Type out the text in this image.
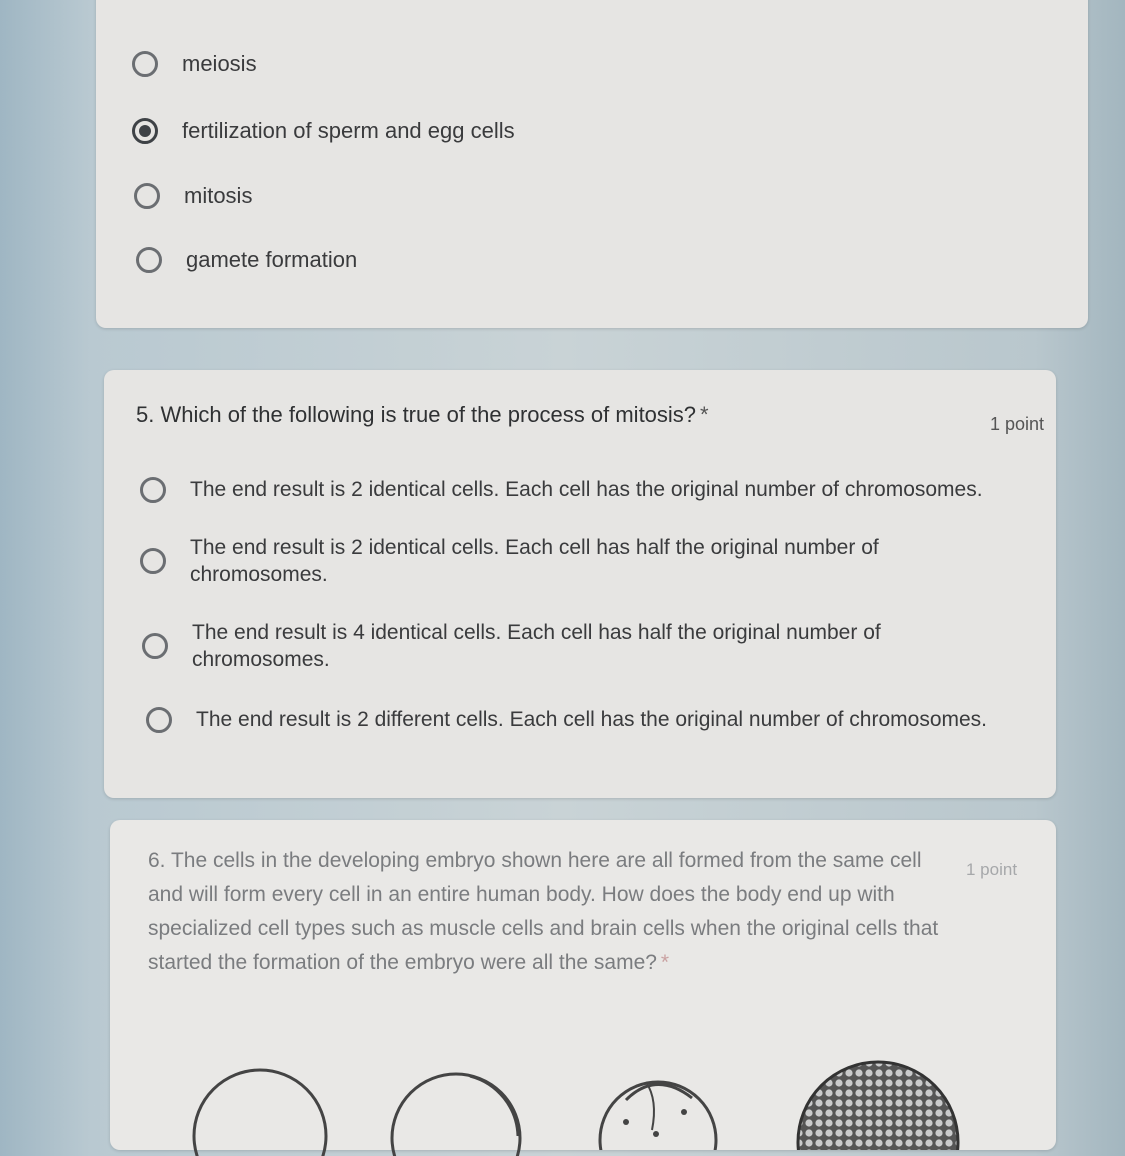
meiosis
fertilization of sperm and egg cells
mitosis
gamete formation
5. Which of the following is true of the process of mitosis? *	1 point
The end result is 2 identical cells. Each cell has the original number of chromosomes.
The end result is 2 identical cells. Each cell has half the original number of chromosomes.
The end result is 4 identical cells. Each cell has half the original number of chromosomes.
The end result is 2 different cells. Each cell has the original number of chromosomes.
6. The cells in the developing embryo shown here are all formed from the same cell and will form every cell in an entire human body. How does the body end up with specialized cell types such as muscle cells and brain cells when the original cells that started the formation of the embryo were all the same? *
1 point
